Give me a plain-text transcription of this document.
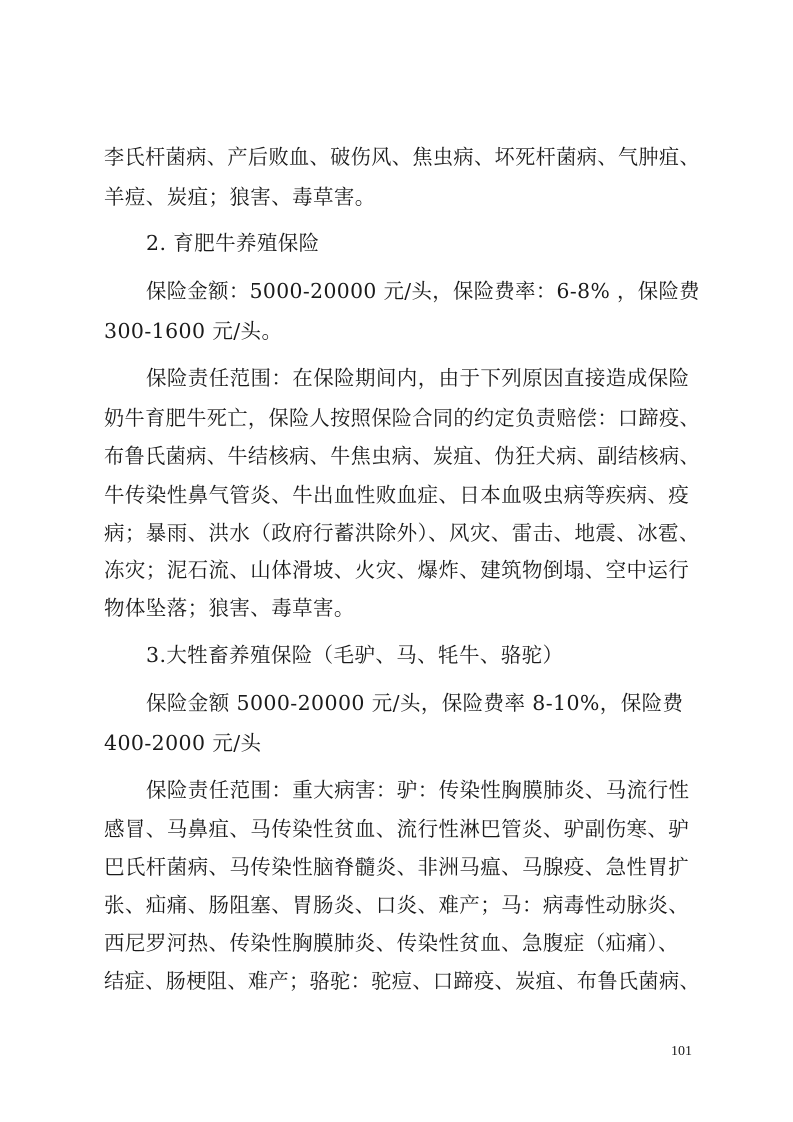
李氏杆菌病、产后败血、破伤风、焦虫病、坏死杆菌病、气肿疽、
羊痘、炭疽；狼害、毒草害。
2. 育肥牛养殖保险
保险金额：5000-20000 元/头，保险费率：6-8% ，保险费
300-1600 元/头。
保险责任范围：在保险期间内，由于下列原因直接造成保险
奶牛育肥牛死亡，保险人按照保险合同的约定负责赔偿：口蹄疫、
布鲁氏菌病、牛结核病、牛焦虫病、炭疽、伪狂犬病、副结核病、
牛传染性鼻气管炎、牛出血性败血症、日本血吸虫病等疾病、疫
病；暴雨、洪水（政府行蓄洪除外）、风灾、雷击、地震、冰雹、
冻灾；泥石流、山体滑坡、火灾、爆炸、建筑物倒塌、空中运行
物体坠落；狼害、毒草害。
3.大牲畜养殖保险（毛驴、马、牦牛、骆驼）
保险金额 5000-20000 元/头，保险费率 8-10%，保险费
400-2000 元/头
保险责任范围：重大病害：驴：传染性胸膜肺炎、马流行性
感冒、马鼻疽、马传染性贫血、流行性淋巴管炎、驴副伤寒、驴
巴氏杆菌病、马传染性脑脊髓炎、非洲马瘟、马腺疫、急性胃扩
张、疝痛、肠阻塞、胃肠炎、口炎、难产；马：病毒性动脉炎、
西尼罗河热、传染性胸膜肺炎、传染性贫血、急腹症（疝痛）、
结症、肠梗阻、难产；骆驼：驼痘、口蹄疫、炭疽、布鲁氏菌病、
101
